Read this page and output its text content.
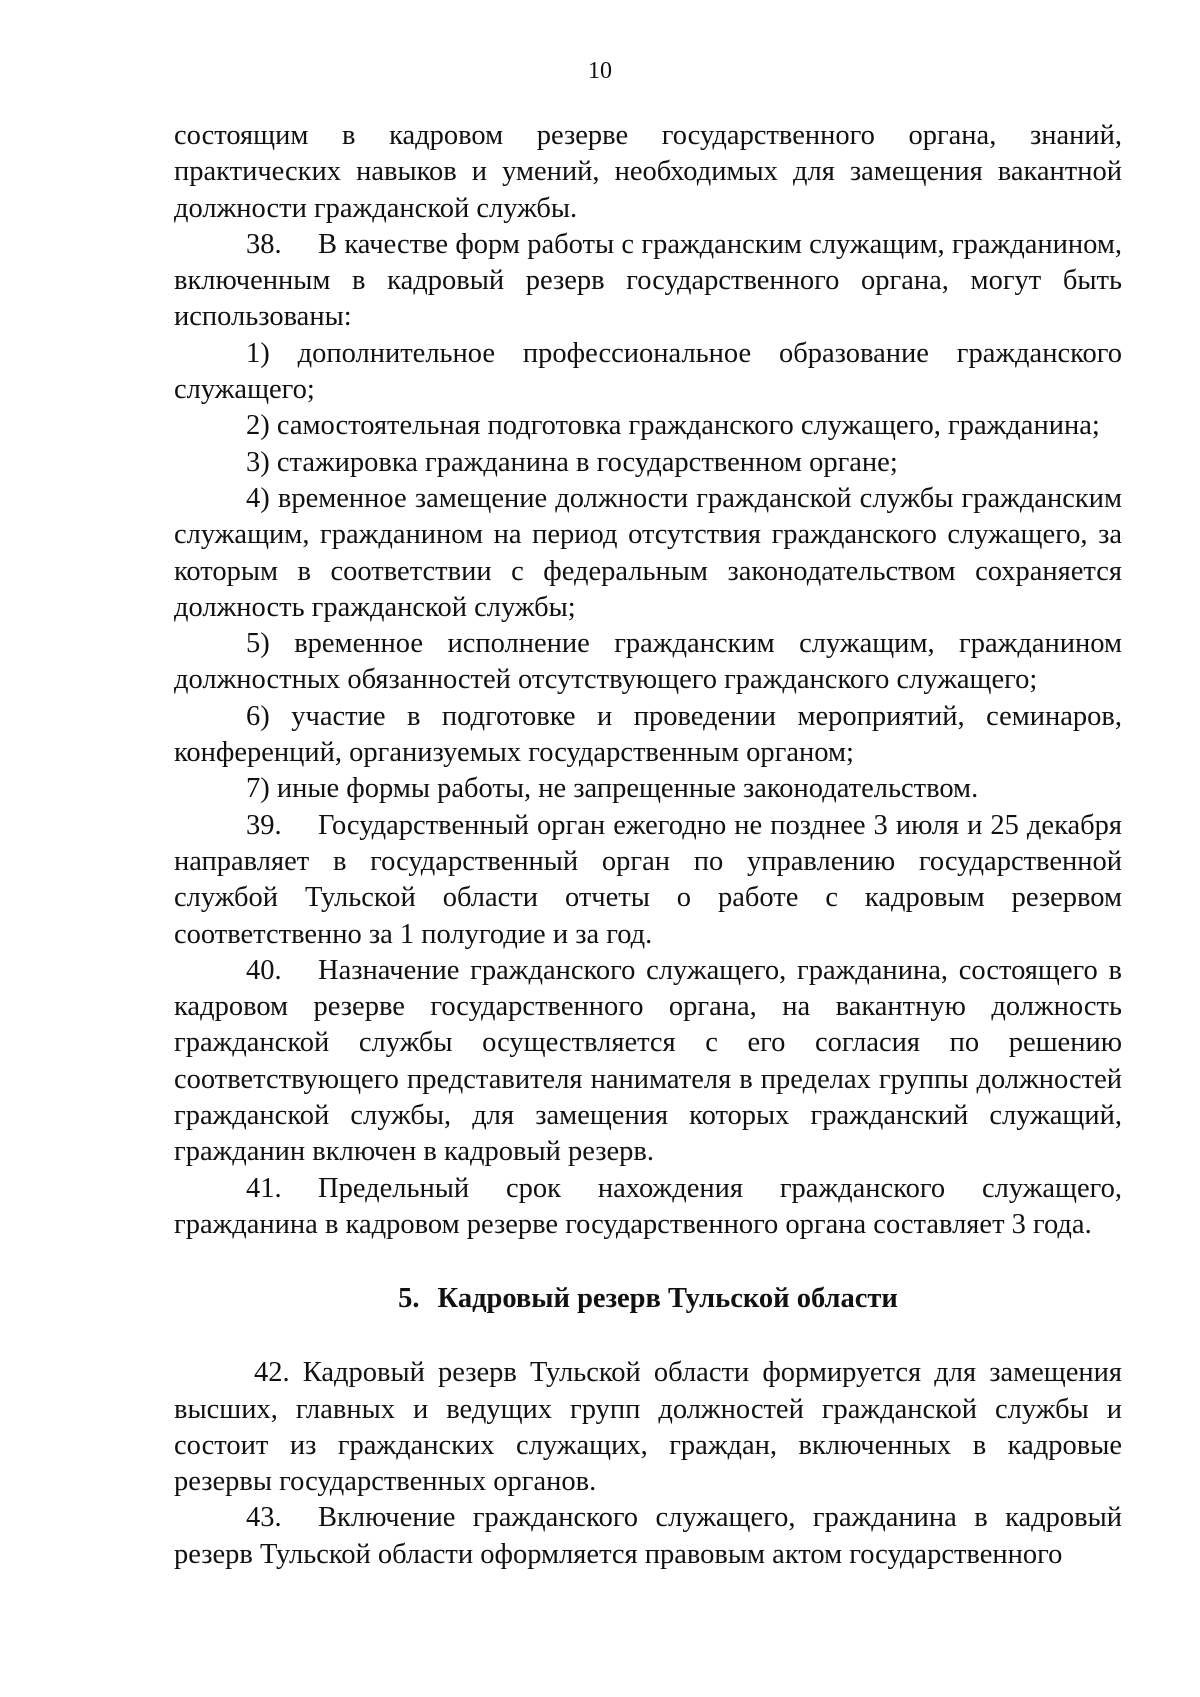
10

состоящим в кадровом резерве государственного органа, знаний, практических навыков и умений, необходимых для замещения вакантной должности гражданской службы.

38. В качестве форм работы с гражданским служащим, гражданином, включенным в кадровый резерв государственного органа, могут быть использованы:

1) дополнительное профессиональное образование гражданского служащего;

2) самостоятельная подготовка гражданского служащего, гражданина;

3) стажировка гражданина в государственном органе;

4) временное замещение должности гражданской службы гражданским служащим, гражданином на период отсутствия гражданского служащего, за которым в соответствии с федеральным законодательством сохраняется должность гражданской службы;

5) временное исполнение гражданским служащим, гражданином должностных обязанностей отсутствующего гражданского служащего;

6) участие в подготовке и проведении мероприятий, семинаров, конференций, организуемых государственным органом;

7) иные формы работы, не запрещенные законодательством.

39. Государственный орган ежегодно не позднее 3 июля и 25 декабря направляет в государственный орган по управлению государственной службой Тульской области отчеты о работе с кадровым резервом соответственно за 1 полугодие и за год.

40. Назначение гражданского служащего, гражданина, состоящего в кадровом резерве государственного органа, на вакантную должность гражданской службы осуществляется с его согласия по решению соответствующего представителя нанимателя в пределах группы должностей гражданской службы, для замещения которых гражданский служащий, гражданин включен в кадровый резерв.

41. Предельный срок нахождения гражданского служащего, гражданина в кадровом резерве государственного органа составляет 3 года.

5. Кадровый резерв Тульской области

42. Кадровый резерв Тульской области формируется для замещения высших, главных и ведущих групп должностей гражданской службы и состоит из гражданских служащих, граждан, включенных в кадровые резервы государственных органов.

43. Включение гражданского служащего, гражданина в кадровый резерв Тульской области оформляется правовым актом государственного
